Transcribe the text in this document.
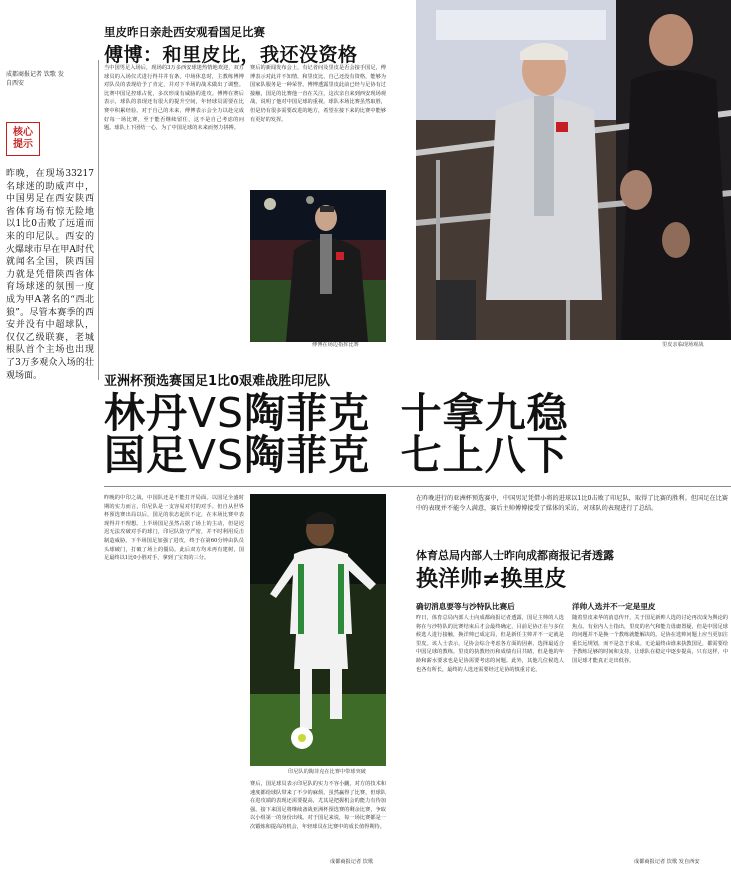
成都商报记者 饮歌 发自西安
核心
提示
昨晚，在现场33217名球迷的助威声中，中国男足在西安陕西省体育场有惊无险地以1比0击败了远道而来的印尼队。西安的火爆球市早在甲A时代就闻名全国，陕西国力就是凭借陕西省体育场球迷的氛围一度成为甲A著名的“西北狼”。尽管本赛季的西安并没有中超球队，仅仅乙级联赛，老城根队首个主场也出现了3万多观众入场的壮观场面。
里皮昨日亲赴西安观看国足比赛
傅博：和里皮比，我还没资格
当中国男足入场后，现场的3万多西安球迷热情地欢迎，双方球员的入场仪式进行得井井有条。中场休息时，主教练傅博对队员的表现给予了肯定，并对下半场的战术做出了调整。比赛中国足控球占优，多次形成有威胁的进攻。傅博在赛后表示，球队的表现还有很大的提升空间，年轻球员需要在比赛中积累经验。对于自己的未来，傅博表示会全力以赴完成好每一场比赛，至于能否继续留任，这不是自己考虑的问题。球队上下团结一心，为了中国足球的未来而努力拼搏。
赛后的新闻发布会上，有记者问及里皮是否会接手国足，傅博表示对此并不知情，和里皮比，自己还没有资格，能够为国家队服务是一种荣誉。傅博透露里皮此前已经与足协有过接触，国足的比赛他一直在关注，这次亲自来到西安现场观战，说明了他对中国足球的重视。球队本场比赛虽然取胜，但是仍有很多需要改进的地方，希望在接下来的比赛中能够有更好的发挥。
傅博在场边指挥比赛	里皮亲临现场观战
亚洲杯预选赛国足1比0艰难战胜印尼队
林丹VS陶菲克 十拿九稳
国足VS陶菲克 七上八下
昨晚的中印之战，中国队还是不能打开局面。以国足全盛时期的实力而言，印尼队是一支容易对付的对手。但自从世界杯预选赛出局以后，国足的状态起伏不定，在本场比赛中表现得并不理想。上半场国足虽然占据了场上的主动，但是迟迟无法攻破对手的球门，印尼队防守严密，并不时利用反击制造威胁。下半场国足加强了进攻，终于在第60分钟由队员头球破门，打破了场上的僵局。此后双方均未再有建树，国足最终以1比0小胜对手，拿到了宝贵的三分。
印尼队的陶菲克在比赛中带球突破
赛后，国足球员表示印尼队的实力不容小觑，对方的技术和速度都给球队带来了不少的麻烦。虽然赢得了比赛，但球队在进攻端的表现还需要提高，尤其是把握机会的能力有待加强。接下来国足将继续备战亚洲杯预选赛的剩余比赛，争取以小组第一的身份出线。对于国足来说，每一场比赛都是一次锻炼和提高的机会，年轻球员在比赛中的成长值得期待。
成都商报记者 饮歌
在昨晚进行的亚洲杯预选赛中，中国男足凭借小将的进球以1比0击败了印尼队，取得了比赛的胜利。但国足在比赛中的表现并不能令人满意，赛后主帅傅博接受了媒体的采访，对球队的表现进行了总结。
体育总局内部人士昨向成都商报记者透露
换洋帅≠换里皮
确切消息要等与沙特队比赛后	洋帅人选并不一定是里皮
昨日，体育总局内部人士向成都商报记者透露，国足主帅的人选将在与沙特队的比赛结束后才会最终确定，目前足协正在与多位候选人进行接触，换洋帅已成定局，但是新任主帅并不一定就是里皮。该人士表示，足协会综合考虑各方面的因素，选择最适合中国足球的教练。里皮的执教经历和成绩有目共睹，但是他的年龄和薪水要求也是足协需要考虑的问题。此外，其他几位候选人也各有所长，最终的人选还需要经过足协的慎重讨论。
随着里皮来华的消息传开，关于国足新帅人选的讨论再次成为舆论的焦点。有业内人士指出，里皮的名气和能力毋庸置疑，但是中国足球的问题并不是换一个教练就能解决的。足协在选帅问题上应当更加注重长远规划，而不是急于求成。无论最终由谁来执教国足，都需要给予教练足够的时间和支持，让球队在稳定中逐步提高，只有这样，中国足球才能真正走出低谷。
成都商报记者 饮歌 发自西安
